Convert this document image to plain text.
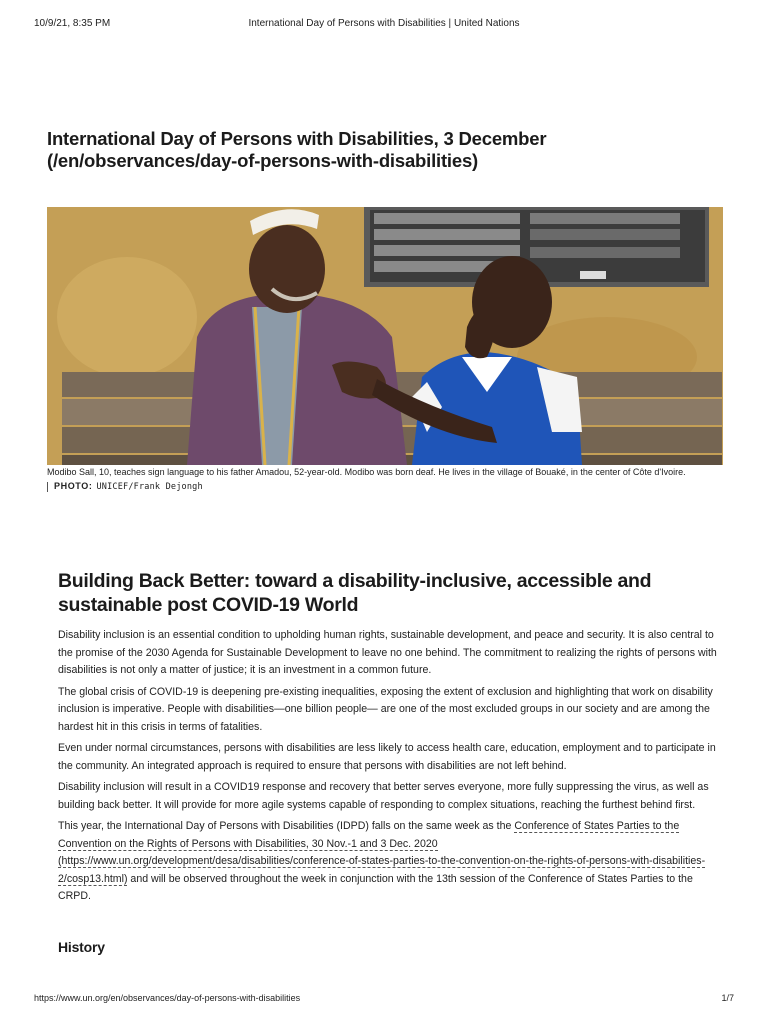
10/9/21, 8:35 PM	International Day of Persons with Disabilities | United Nations
International Day of Persons with Disabilities, 3 December (/en/observances/day-of-persons-with-disabilities)

Modibo Sall, 10, teaches sign language to his father Amadou, 52-year-old. Modibo was born deaf. He lives in the village of Bouaké, in the center of Côte d'Ivoire.

PHOTO: UNICEF/Frank Dejongh
Building Back Better: toward a disability-inclusive, accessible and sustainable post COVID-19 World

Disability inclusion is an essential condition to upholding human rights, sustainable development, and peace and security. It is also central to the promise of the 2030 Agenda for Sustainable Development to leave no one behind. The commitment to realizing the rights of persons with disabilities is not only a matter of justice; it is an investment in a common future.

The global crisis of COVID-19 is deepening pre-existing inequalities, exposing the extent of exclusion and highlighting that work on disability inclusion is imperative. People with disabilities—one billion people— are one of the most excluded groups in our society and are among the hardest hit in this crisis in terms of fatalities.

Even under normal circumstances, persons with disabilities are less likely to access health care, education, employment and to participate in the community. An integrated approach is required to ensure that persons with disabilities are not left behind.

Disability inclusion will result in a COVID19 response and recovery that better serves everyone, more fully suppressing the virus, as well as building back better. It will provide for more agile systems capable of responding to complex situations, reaching the furthest behind first.

This year, the International Day of Persons with Disabilities (IDPD) falls on the same week as the Conference of States Parties to the Convention on the Rights of Persons with Disabilities, 30 Nov.-1 and 3 Dec. 2020 (https://www.un.org/development/desa/disabilities/conference-of-states-parties-to-the-convention-on-the-rights-of-persons-with-disabilities-2/cosp13.html) and will be observed throughout the week in conjunction with the 13th session of the Conference of States Parties to the CRPD.

History
https://www.un.org/en/observances/day-of-persons-with-disabilities	1/7
